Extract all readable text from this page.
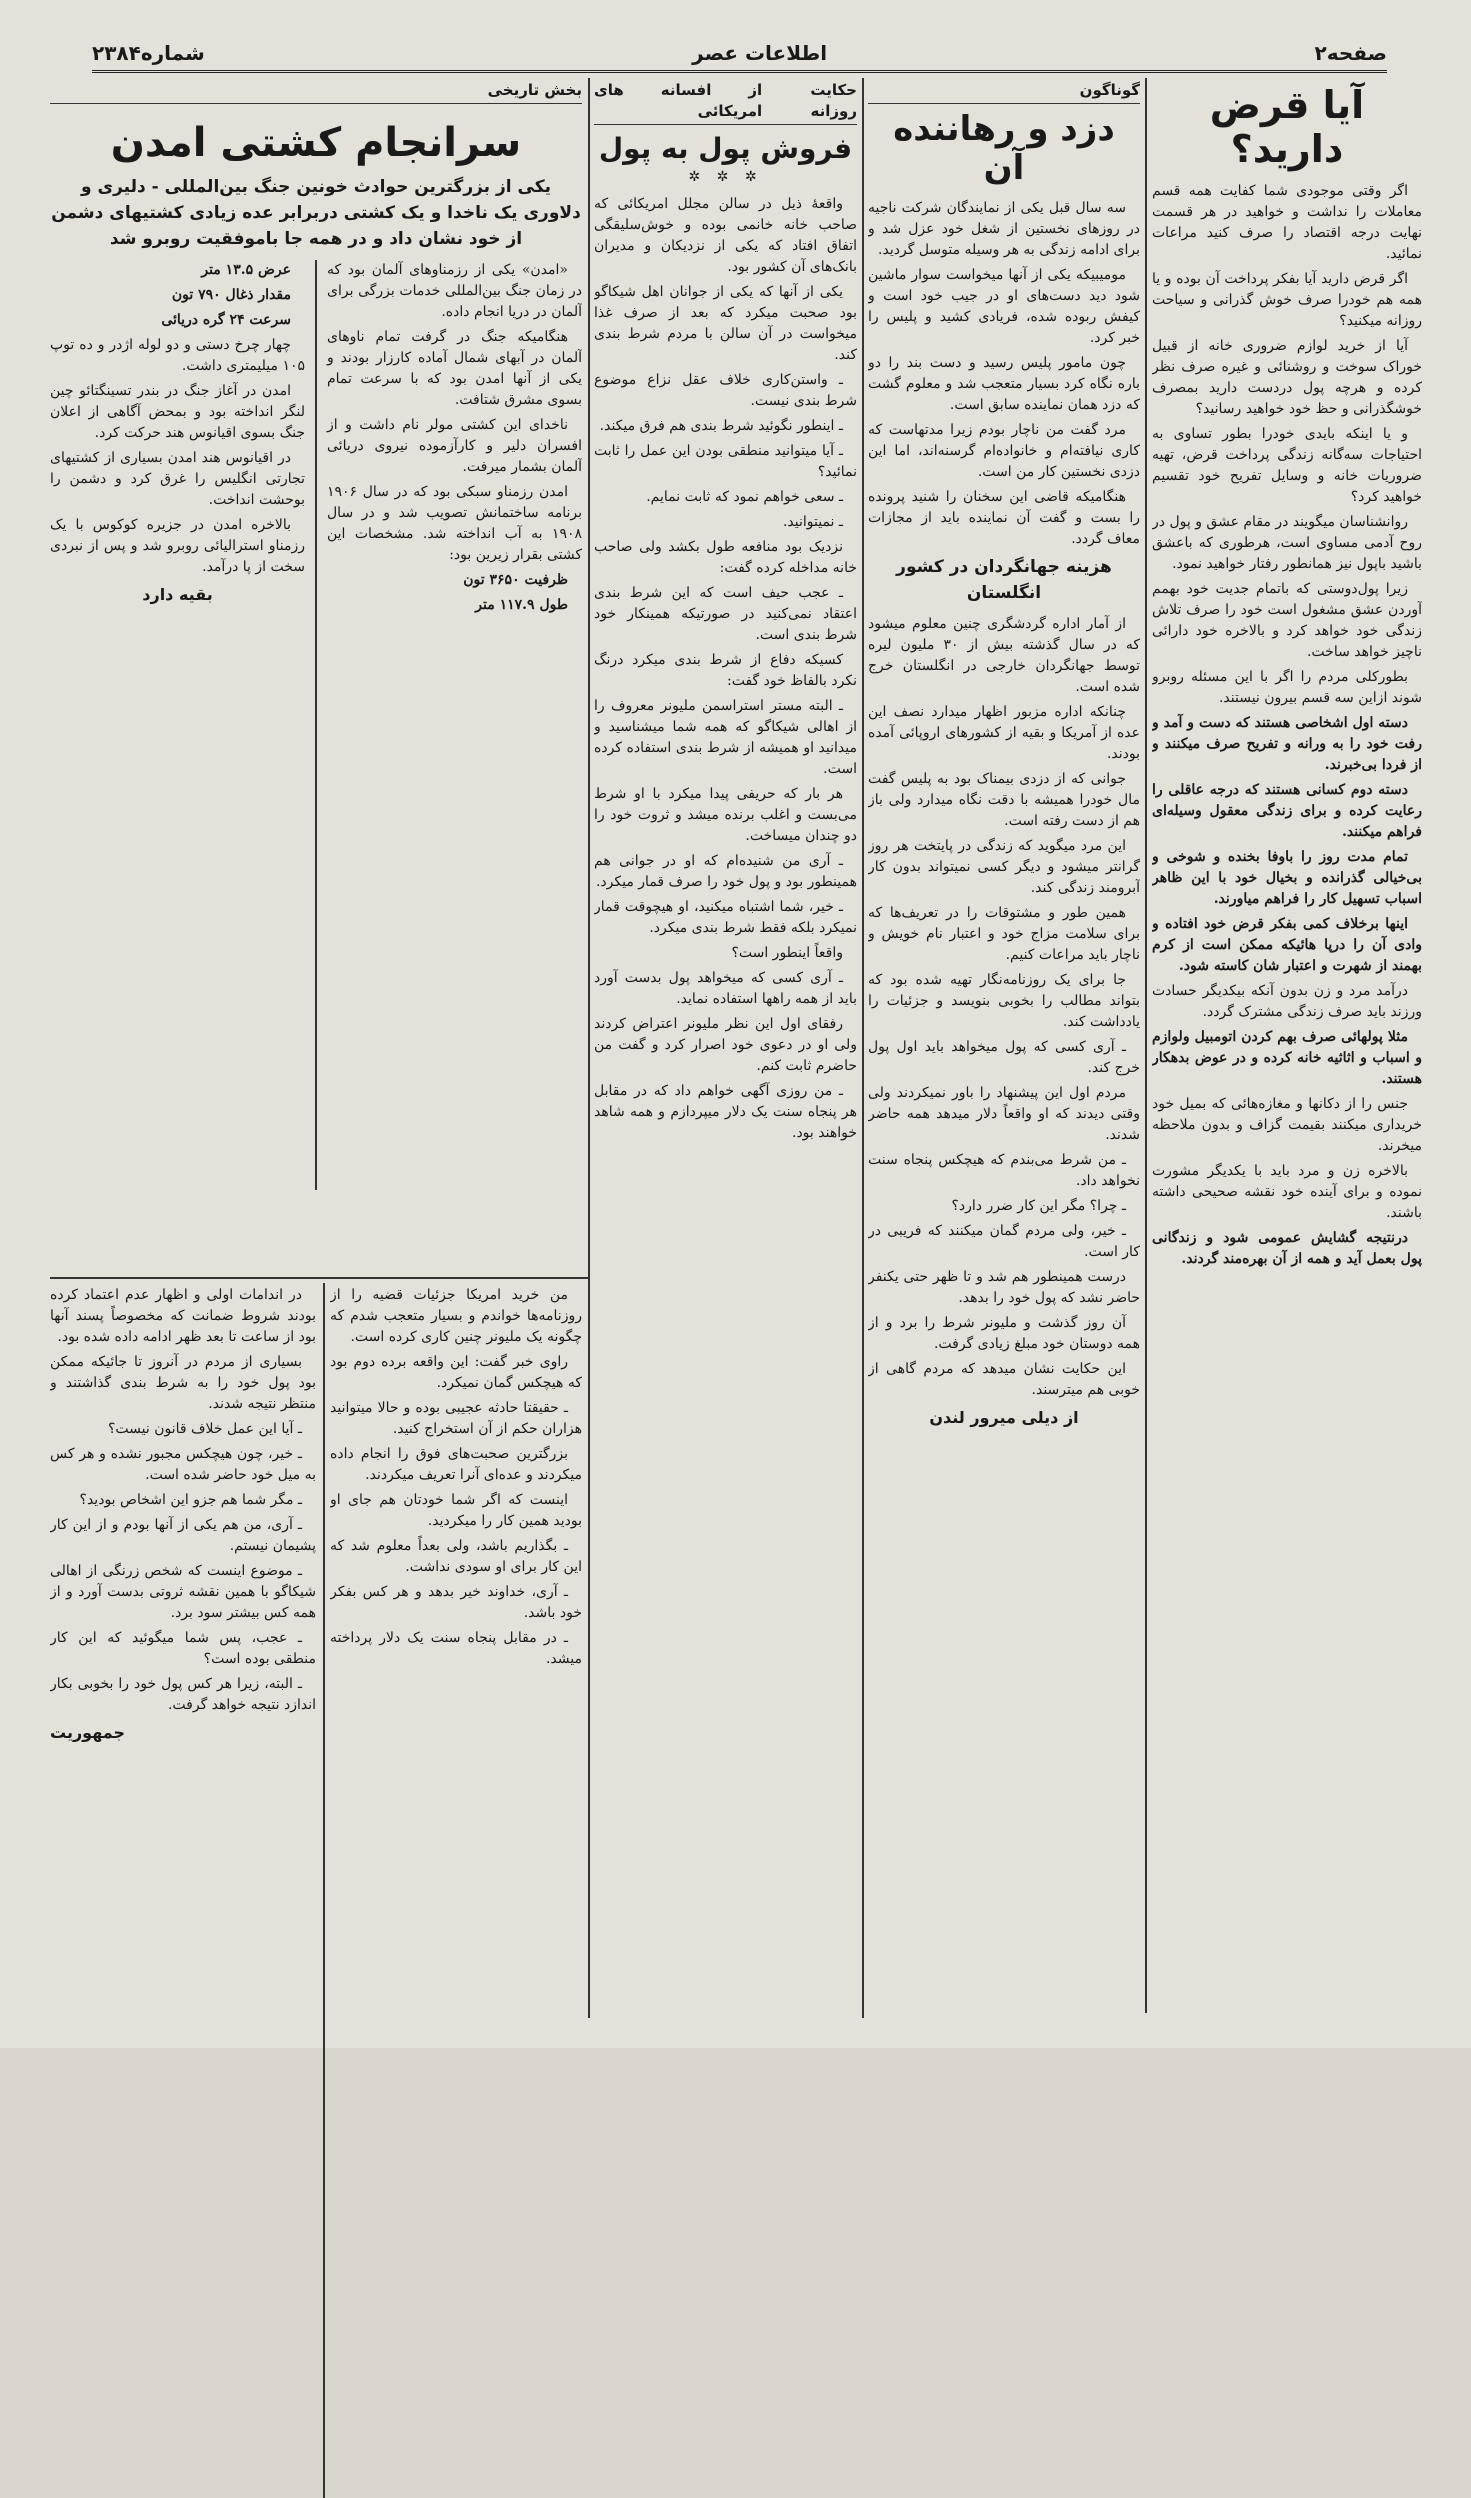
صفحه۲
اطلاعات عصر
شماره۲۳۸۴
آیا قرض دارید؟

اگر وقتی موجودی شما کفایت همه قسم معاملات را نداشت و خواهید در هر قسمت نهایت درجه اقتصاد را صرف کنید مراعات نمائید.

اگر قرض دارید آیا بفکر پرداخت آن بوده و یا همه هم خودرا صرف خوش گذرانی و سیاحت روزانه میکنید؟

آیا از خرید لوازم ضروری خانه از قبیل خوراک سوخت و روشنائی و غیره صرف نظر کرده و هرچه پول دردست دارید بمصرف خوشگذرانی و حظ خود خواهید رسانید؟

و یا اینکه بایدی خودرا بطور تساوی به احتیاجات سه‌گانه زندگی پرداخت قرض، تهیه ضروریات خانه و وسایل تفریح خود تقسیم خواهید کرد؟

روانشناسان میگویند در مقام عشق و پول در روح آدمی مساوی است، هرطوری که باعشق باشید باپول نیز همانطور رفتار خواهید نمود.

زیرا پول‌دوستی که باتمام جدیت خود بهمم آوردن عشق مشغول است خود را صرف تلاش زندگی خود خواهد کرد و بالاخره خود دارائی ناچیز خواهد ساخت.

بطورکلی مردم را اگر با این مسئله روبرو شوند ازاین سه قسم بیرون نیستند.

دسته اول اشخاصی هستند که دست و آمد و رفت خود را به ورانه و تفریح صرف میکنند و از فردا بی‌خبرند.

دسته دوم کسانی هستند که درجه عاقلی را رعایت کرده و برای زندگی معقول وسیله‌ای فراهم میکنند.

تمام مدت روز را باوفا بخنده و شوخی و بی‌خیالی گذرانده و بخیال خود با این ظاهر اسباب تسهیل کار را فراهم میاورند.

اینها برخلاف کمی بفکر قرض خود افتاده و وادی آن را درپا هائیکه ممکن است از کرم بهمند از شهرت و اعتبار شان کاسته شود.

درآمد مرد و زن بدون آنکه بیکدیگر حسادت ورزند باید صرف زندگی مشترک گردد.

مثلا پولهائی صرف بهم کردن اتومبیل ولوازم و اسباب و اثاثیه خانه کرده و در عوض بدهکار هستند.

جنس را از دکانها و مغازه‌هائی که بمیل خود خریداری میکنند بقیمت گزاف و بدون ملاحظه میخرند.

بالاخره زن و مرد باید با یکدیگر مشورت نموده و برای آینده خود نقشه صحیحی داشته باشند.

درنتیجه گشایش عمومی شود و زندگانی پول بعمل آید و همه از آن بهره‌مند گردند.

گوناگون
دزد و رهاننده آن

سه سال قبل یکی از نمایندگان شرکت ناجیه در روزهای نخستین از شغل خود عزل شد و برای ادامه زندگی به هر وسیله متوسل گردید.

مومیبیکه یکی از آنها میخواست سوار ماشین شود دید دست‌های او در جیب خود است و کیفش ربوده شده، فریادی کشید و پلیس را خبر کرد.

چون مامور پلیس رسید و دست بند را دو باره نگاه کرد بسیار متعجب شد و معلوم گشت که دزد همان نماینده سابق است.

مرد گفت من ناچار بودم زیرا مدتهاست که کاری نیافته‌ام و خانواده‌ام گرسنه‌اند، اما این دزدی نخستین کار من است.

هنگامیکه قاضی این سخنان را شنید پرونده را بست و گفت آن نماینده باید از مجازات معاف گردد.

هزینه جهانگردان در کشور انگلستان

از آمار اداره گردشگری چنین معلوم میشود که در سال گذشته بیش از ۳۰ ملیون لیره توسط جهانگردان خارجی در انگلستان خرج شده است.

چنانکه اداره مزبور اظهار میدارد نصف این عده از آمریکا و بقیه از کشورهای اروپائی آمده بودند.

جوانی که از دزدی بیمناک بود به پلیس گفت مال خودرا همیشه با دقت نگاه میدارد ولی باز هم از دست رفته است.

این مرد میگوید که زندگی در پایتخت هر روز گرانتر میشود و دیگر کسی نمیتواند بدون کار آبرومند زندگی کند.

همین طور و مشتوقات را در تعریف‌ها که برای سلامت مزاج خود و اعتبار نام خویش و ناچار باید مراعات کنیم.

جا برای یک روزنامه‌نگار تهیه شده بود که بتواند مطالب را بخوبی بنویسد و جزئیات را یادداشت کند.

ـ آری کسی که پول میخواهد باید اول پول خرج کند.

مردم اول این پیشنهاد را باور نمیکردند ولی وقتی دیدند که او واقعاً دلار میدهد همه حاضر شدند.

ـ من شرط می‌بندم که هیچکس پنجاه سنت نخواهد داد.

ـ چرا؟ مگر این کار ضرر دارد؟

ـ خیر، ولی مردم گمان میکنند که فریبی در کار است.

درست همینطور هم شد و تا ظهر حتی یکنفر حاضر نشد که پول خود را بدهد.

آن روز گذشت و ملیونر شرط را برد و از همه دوستان خود مبلغ زیادی گرفت.

این حکایت نشان میدهد که مردم گاهی از خوبی هم میترسند.

از دیلی میرور لندن
حکایت روزانه
از افسانه های امریکائی
فروش پول به پول
✲ ✲ ✲

واقعهٔ ذیل در سالن مجلل امریکائی که صاحب خانه خانمی بوده و خوش‌سلیقگی اتفاق افتاد که یکی از نزدیکان و مدیران بانک‌های آن کشور بود.

یکی از آنها که یکی از جوانان اهل شیکاگو بود صحبت میکرد که بعد از صرف غذا میخواست در آن سالن با مردم شرط بندی کند.

ـ واستن‌کاری خلاف عقل نزاع موضوع شرط بندی نیست.

ـ اینطور نگوئید شرط بندی هم فرق میکند.

ـ آیا میتوانید منطقی بودن این عمل را ثابت نمائید؟

ـ سعی خواهم نمود که ثابت نمایم.

ـ نمیتوانید.

نزدیک بود منافعه طول بکشد ولی صاحب خانه مداخله کرده گفت:

ـ عجب حیف است که این شرط بندی اعتقاد نمی‌کنید در صورتیکه همینکار خود شرط بندی است.

کسیکه دفاع از شرط بندی میکرد درنگ نکرد بالفاظ خود گفت:

ـ البته مستر استراسمن ملیونر معروف را از اهالی شیکاگو که همه شما میشناسید و میدانید او همیشه از شرط بندی استفاده کرده است.

هر بار که حریفی پیدا میکرد با او شرط می‌بست و اغلب برنده میشد و ثروت خود را دو چندان میساخت.

ـ آری من شنیده‌ام که او در جوانی هم همینطور بود و پول خود را صرف قمار میکرد.

ـ خیر، شما اشتباه میکنید، او هیچوقت قمار نمیکرد بلکه فقط شرط بندی میکرد.

واقعاً اینطور است؟

ـ آری کسی که میخواهد پول بدست آورد باید از همه راهها استفاده نماید.

رفقای اول این نظر ملیونر اعتراض کردند ولی او در دعوی خود اصرار کرد و گفت من حاضرم ثابت کنم.

ـ من روزی آگهی خواهم داد که در مقابل هر پنجاه سنت یک دلار میپردازم و همه شاهد خواهند بود.

بخش تاریخی
سرانجام کشتی امدن
یکی از بزرگترین حوادث خونین جنگ بین‌المللی - دلیری و دلاوری یک ناخدا و یک کشتی دربرابر عده زیادی کشتیهای دشمن از خود نشان داد و در همه جا باموفقیت روبرو شد

«امدن» یکی از رزمناوهای آلمان بود که در زمان جنگ بین‌المللی خدمات بزرگی برای آلمان در دریا انجام داده.

هنگامیکه جنگ در گرفت تمام ناوهای آلمان در آبهای شمال آماده کارزار بودند و یکی از آنها امدن بود که با سرعت تمام بسوی مشرق شتافت.

ناخدای این کشتی مولر نام داشت و از افسران دلیر و کارآزموده نیروی دریائی آلمان بشمار میرفت.

امدن رزمناو سبکی بود که در سال ۱۹۰۶ برنامه ساختمانش تصویب شد و در سال ۱۹۰۸ به آب انداخته شد. مشخصات این کشتی بقرار زیرین بود:

ظرفیت ۳۶۵۰ تون

طول ۱۱۷.۹ متر

عرض ۱۳.۵ متر

مقدار ذغال ۷۹۰ تون

سرعت ۲۴ گره دریائی

چهار چرخ دستی و دو لوله اژدر و ده توپ ۱۰۵ میلیمتری داشت.

امدن در آغاز جنگ در بندر تسینگتائو چین لنگر انداخته بود و بمحض آگاهی از اعلان جنگ بسوی اقیانوس هند حرکت کرد.

در اقیانوس هند امدن بسیاری از کشتیهای تجارتی انگلیس را غرق کرد و دشمن را بوحشت انداخت.

بالاخره امدن در جزیره کوکوس با یک رزمناو استرالیائی روبرو شد و پس از نبردی سخت از پا درآمد.

بقیه دارد

من خرید امریکا جزئیات قضیه را از روزنامه‌ها خواندم و بسیار متعجب شدم که چگونه یک ملیونر چنین کاری کرده است.

راوی خبر گفت: این واقعه برده دوم بود که هیچکس گمان نمیکرد.

ـ حقیقتا حادثه عجیبی بوده و حالا میتوانید هزاران حکم از آن استخراج کنید.

بزرگترین صحبت‌های فوق را انجام داده میکردند و عده‌ای آنرا تعریف میکردند.

اینست که اگر شما خودتان هم جای او بودید همین کار را میکردید.

ـ بگذاریم باشد، ولی بعداً معلوم شد که این کار برای او سودی نداشت.

ـ آری، خداوند خیر بدهد و هر کس بفکر خود باشد.

ـ در مقابل پنجاه سنت یک دلار پرداخته میشد.

در اندامات اولی و اظهار عدم اعتماد کرده بودند شروط ضمانت که مخصوصاً پسند آنها بود از ساعت تا بعد ظهر ادامه داده شده بود.

بسیاری از مردم در آنروز تا جائیکه ممکن بود پول خود را به شرط بندی گذاشتند و منتظر نتیجه شدند.

ـ آیا این عمل خلاف قانون نیست؟

ـ خیر، چون هیچکس مجبور نشده و هر کس به میل خود حاضر شده است.

ـ مگر شما هم جزو این اشخاص بودید؟

ـ آری، من هم یکی از آنها بودم و از این کار پشیمان نیستم.

ـ موضوع اینست که شخص زرنگی از اهالی شیکاگو با همین نقشه ثروتی بدست آورد و از همه کس بیشتر سود برد.

ـ عجب، پس شما میگوئید که این کار منطقی بوده است؟

ـ البته، زیرا هر کس پول خود را بخوبی بکار اندازد نتیجه خواهد گرفت.

جمهوریت
